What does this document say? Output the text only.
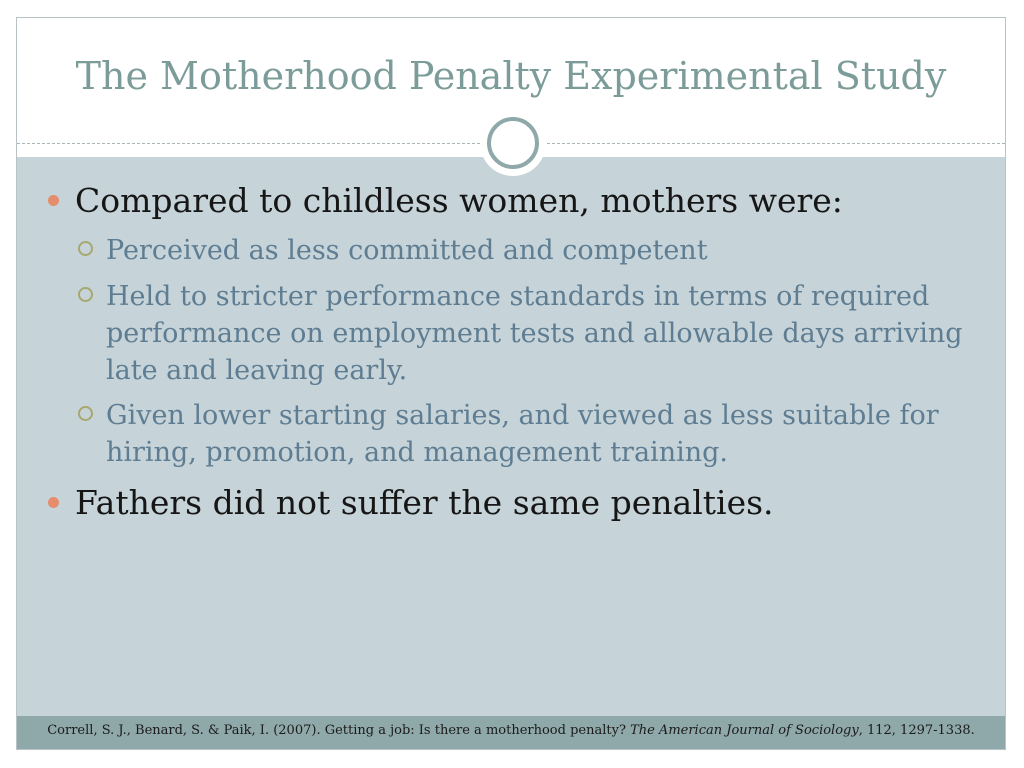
The Motherhood Penalty Experimental Study
Compared to childless women, mothers were:
Perceived as less committed and competent
Held to stricter performance standards in terms of required performance on employment tests and allowable days arriving late and leaving early.
Given lower starting salaries, and viewed as less suitable for hiring, promotion, and management training.
Fathers did not suffer the same penalties.
Correll, S. J., Benard, S. & Paik, I. (2007). Getting a job: Is there a motherhood penalty? The American Journal of Sociology, 112, 1297-1338.
